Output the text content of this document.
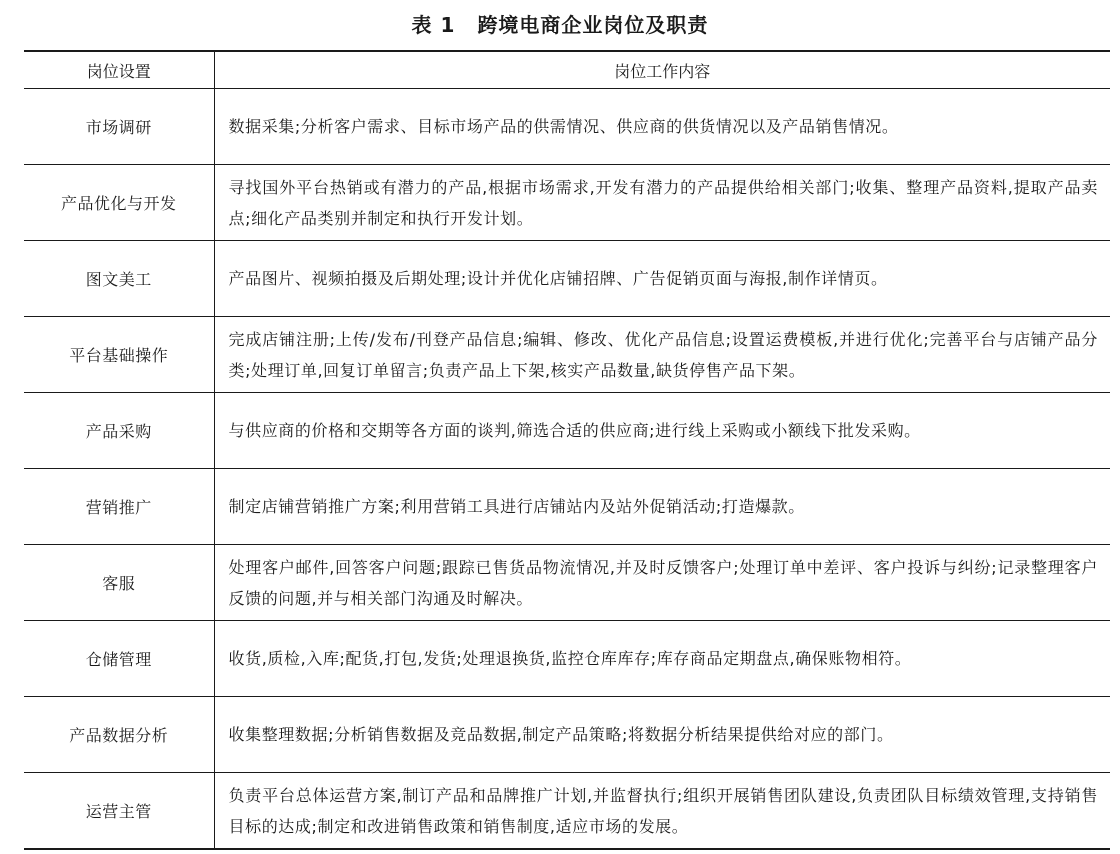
表 1 跨境电商企业岗位及职责
岗位设置	岗位工作内容
市场调研	数据采集;分析客户需求、目标市场产品的供需情况、供应商的供货情况以及产品销售情况。
产品优化与开发	寻找国外平台热销或有潜力的产品,根据市场需求,开发有潜力的产品提供给相关部门;收集、整理产品资料,提取产品卖点;细化产品类别并制定和执行开发计划。
图文美工	产品图片、视频拍摄及后期处理;设计并优化店铺招牌、广告促销页面与海报,制作详情页。
平台基础操作	完成店铺注册;上传/发布/刊登产品信息;编辑、修改、优化产品信息;设置运费模板,并进行优化;完善平台与店铺产品分类;处理订单,回复订单留言;负责产品上下架,核实产品数量,缺货停售产品下架。
产品采购	与供应商的价格和交期等各方面的谈判,筛选合适的供应商;进行线上采购或小额线下批发采购。
营销推广	制定店铺营销推广方案;利用营销工具进行店铺站内及站外促销活动;打造爆款。
客服	处理客户邮件,回答客户问题;跟踪已售货品物流情况,并及时反馈客户;处理订单中差评、客户投诉与纠纷;记录整理客户反馈的问题,并与相关部门沟通及时解决。
仓储管理	收货,质检,入库;配货,打包,发货;处理退换货,监控仓库库存;库存商品定期盘点,确保账物相符。
产品数据分析	收集整理数据;分析销售数据及竞品数据,制定产品策略;将数据分析结果提供给对应的部门。
运营主管	负责平台总体运营方案,制订产品和品牌推广计划,并监督执行;组织开展销售团队建设,负责团队目标绩效管理,支持销售目标的达成;制定和改进销售政策和销售制度,适应市场的发展。
